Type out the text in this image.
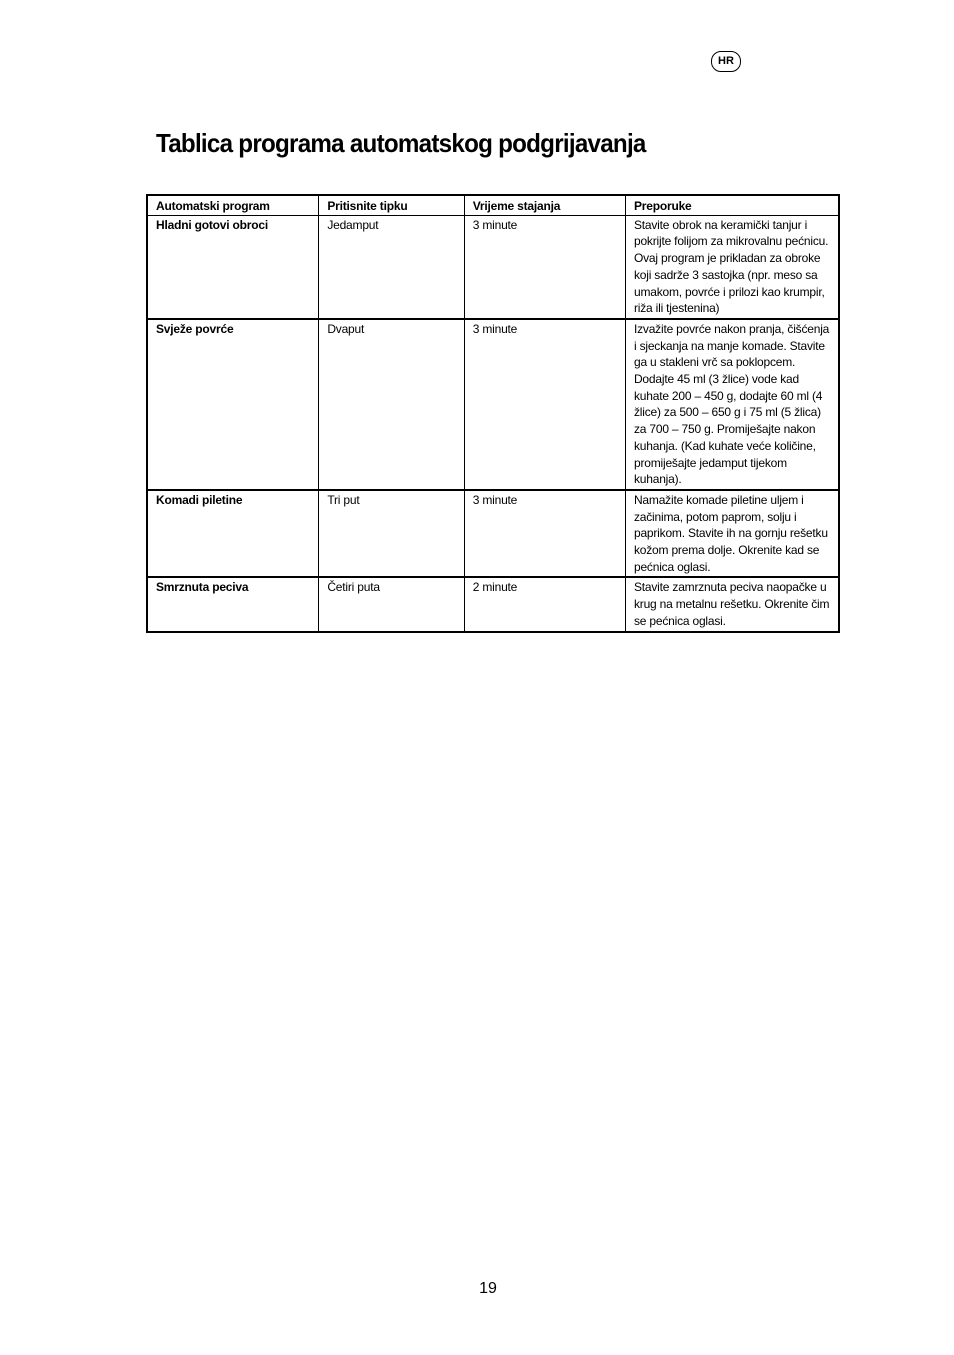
HR
Tablica programa automatskog podgrijavanja
Automatski program	Pritisnite tipku	Vrijeme stajanja	Preporuke
Hladni gotovi obroci	Jedamput	3 minute	Stavite obrok na keramički tanjur i pokrijte folijom za mikrovalnu pećnicu. Ovaj program je prikladan za obroke koji sadrže 3 sastojka (npr. meso sa umakom, povrće i prilozi kao krumpir, riža ili tjestenina)
Svježe povrće	Dvaput	3 minute	Izvažite povrće nakon pranja, čišćenja i sjeckanja na manje komade. Stavite ga u stakleni vrč sa poklopcem. Dodajte 45 ml (3 žlice) vode kad kuhate 200 – 450 g, dodajte 60 ml (4 žlice) za 500 – 650 g i 75 ml (5 žlica) za 700 – 750 g. Promiješajte nakon kuhanja. (Kad kuhate veće količine, promiješajte jedamput tijekom kuhanja).
Komadi piletine	Tri put	3 minute	Namažite komade piletine uljem i začinima, potom paprom, solju i paprikom. Stavite ih na gornju rešetku kožom prema dolje. Okrenite kad se pećnica oglasi.
Smrznuta peciva	Četiri puta	2 minute	Stavite zamrznuta peciva naopačke u krug na metalnu rešetku. Okrenite čim se pećnica oglasi.
19
